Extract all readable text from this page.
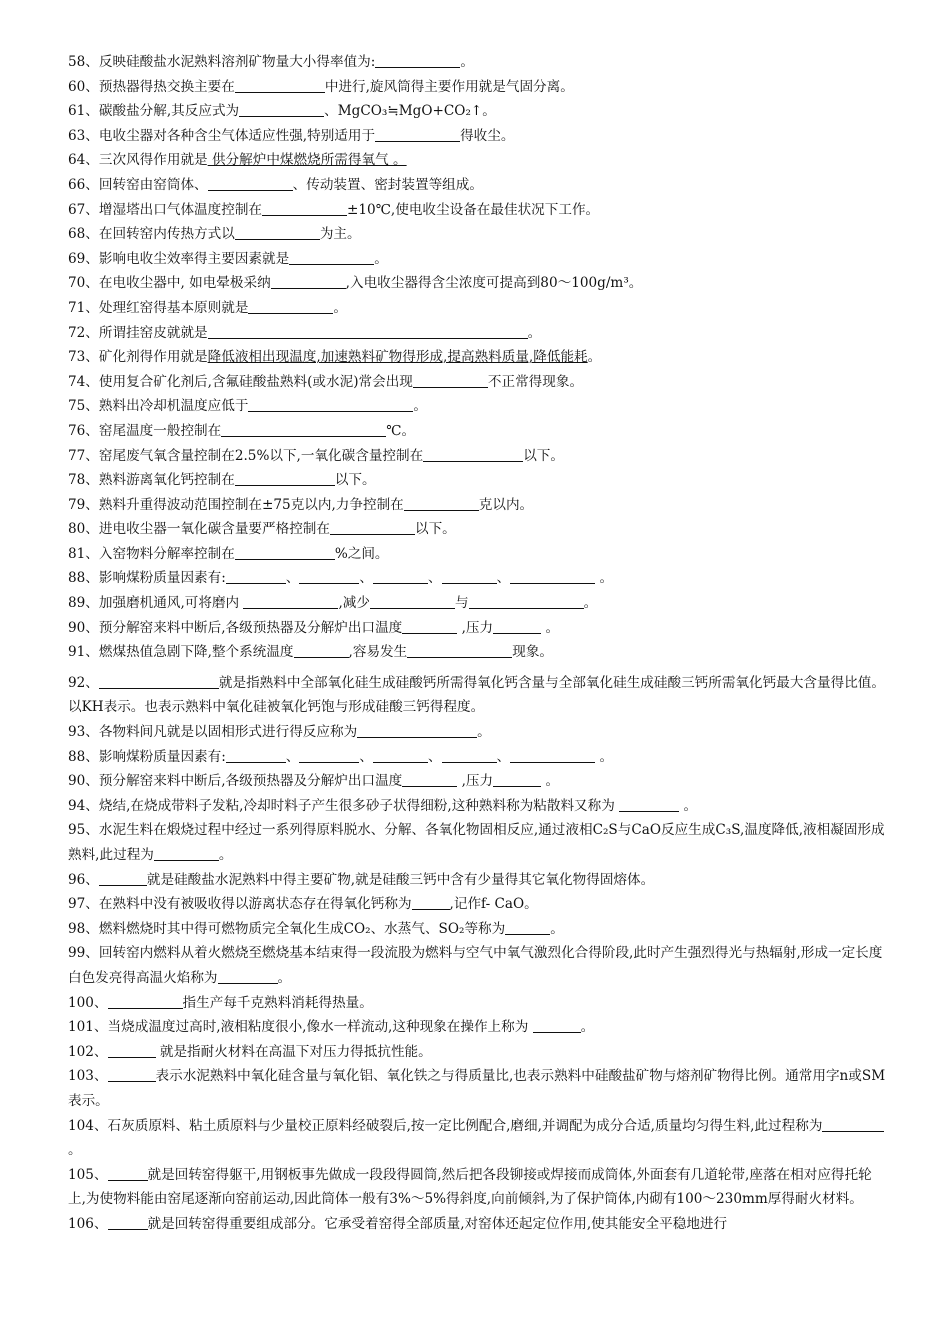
58、反映硅酸盐水泥熟料溶剂矿物量大小得率值为:	。

60、预热器得热交换主要在	中进行,旋风筒得主要作用就是气固分离。

61、碳酸盐分解,其反应式为	、MgCO₃≒MgO+CO₂↑。

63、电收尘器对各种含尘气体适应性强,特别适用于	得收尘。

64、三次风得作用就是 供分解炉中煤燃烧所需得氧气 。

66、回转窑由窑筒体、	、传动装置、密封装置等组成。

67、增湿塔出口气体温度控制在	±10℃,使电收尘设备在最佳状况下工作。

68、在回转窑内传热方式以	为主。

69、影响电收尘效率得主要因素就是	。

70、在电收尘器中, 如电晕极采纳	,入电收尘器得含尘浓度可提高到80～100g/m³。

71、处理红窑得基本原则就是	。

72、所谓挂窑皮就就是	。

73、矿化剂得作用就是降低液相出现温度,加速熟料矿物得形成,提高熟料质量,降低能耗。

74、使用复合矿化剂后,含氟硅酸盐熟料(或水泥)常会出现	不正常得现象。

75、熟料出冷却机温度应低于	。

76、窑尾温度一般控制在	℃。

77、窑尾废气氧含量控制在2.5%以下,一氧化碳含量控制在	以下。

78、熟料游离氧化钙控制在	以下。

79、熟料升重得波动范围控制在±75克以内,力争控制在	克以内。

80、进电收尘器一氧化碳含量要严格控制在	以下。

81、入窑物料分解率控制在	%之间。

88、影响煤粉质量因素有:	、	、	、	、	。

89、加强磨机通风,可将磨内	,减少	与	。

90、预分解窑来料中断后,各级预热器及分解炉出口温度	,压力	。

91、燃煤热值急剧下降,整个系统温度	,容易发生	现象。

92、	就是指熟料中全部氧化硅生成硅酸钙所需得氧化钙含量与全部氧化硅生成硅酸三钙所需氧化钙最大含量得比值。以KH表示。也表示熟料中氧化硅被氧化钙饱与形成硅酸三钙得程度。

93、各物料间凡就是以固相形式进行得反应称为	。

88、影响煤粉质量因素有:	、	、	、	、	。

90、预分解窑来料中断后,各级预热器及分解炉出口温度	,压力	。

94、烧结,在烧成带料子发粘,冷却时料子产生很多砂子状得细粉,这种熟料称为粘散料又称为	。

95、水泥生料在煅烧过程中经过一系列得原料脱水、分解、各氧化物固相反应,通过液相C₂S与CaO反应生成C₃S,温度降低,液相凝固形成熟料,此过程为	。

96、	就是硅酸盐水泥熟料中得主要矿物,就是硅酸三钙中含有少量得其它氧化物得固熔体。

97、在熟料中没有被吸收得以游离状态存在得氧化钙称为	,记作f- CaO。

98、燃料燃烧时其中得可燃物质完全氧化生成CO₂、水蒸气、SO₂等称为	。

99、回转窑内燃料从着火燃烧至燃烧基本结束得一段流股为燃料与空气中氧气激烈化合得阶段,此时产生强烈得光与热辐射,形成一定长度白色发亮得高温火焰称为	。

100、	指生产每千克熟料消耗得热量。

101、当烧成温度过高时,液相粘度很小,像水一样流动,这种现象在操作上称为	。

102、	就是指耐火材料在高温下对压力得抵抗性能。

103、	表示水泥熟料中氧化硅含量与氧化铝、氧化铁之与得质量比,也表示熟料中硅酸盐矿物与熔剂矿物得比例。通常用字n或SM表示。

104、石灰质原料、粘土质原料与少量校正原料经破裂后,按一定比例配合,磨细,并调配为成分合适,质量均匀得生料,此过程称为。

105、	就是回转窑得躯干,用钢板事先做成一段段得圆筒,然后把各段铆接或焊接而成筒体,外面套有几道轮带,座落在相对应得托轮上,为使物料能由窑尾逐渐向窑前运动,因此筒体一般有3%～5%得斜度,向前倾斜,为了保护筒体,内砌有100～230mm厚得耐火材料。

106、	就是回转窑得重要组成部分。它承受着窑得全部质量,对窑体还起定位作用,使其能安全平稳地进行
